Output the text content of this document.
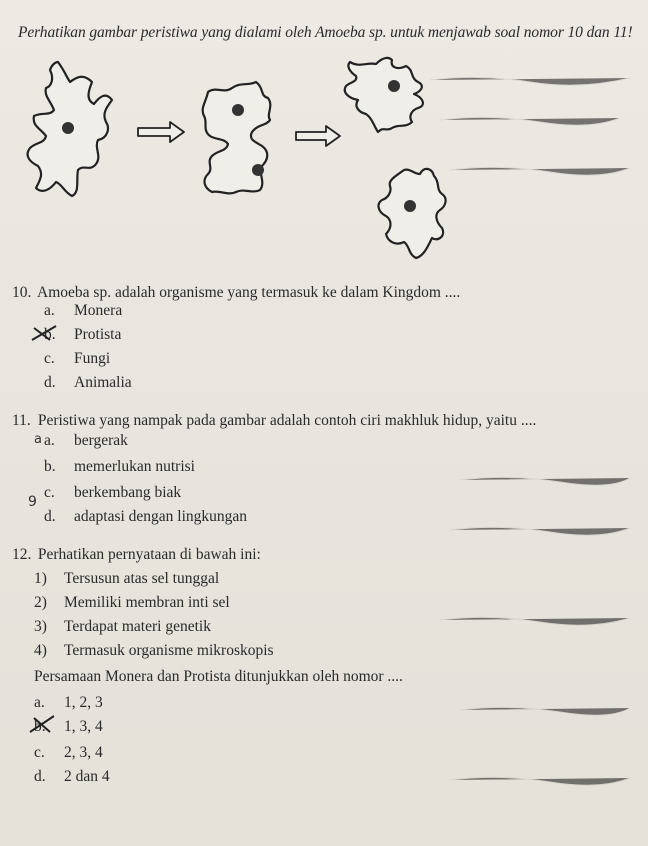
Perhatikan gambar peristiwa yang dialami oleh Amoeba sp. untuk menjawab soal nomor 10 dan 11!
10. Amoeba sp. adalah organisme yang termasuk ke dalam Kingdom ....
a. Monera
b. Protista
c. Fungi
d. Animalia
11. Peristiwa yang nampak pada gambar adalah contoh ciri makhluk hidup, yaitu ....
a a. bergerak
b. memerlukan nutrisi
c. berkembang biak
9
d. adaptasi dengan lingkungan
12. Perhatikan pernyataan di bawah ini:
1) Tersusun atas sel tunggal
2) Memiliki membran inti sel
3) Terdapat materi genetik
4) Termasuk organisme mikroskopis
Persamaan Monera dan Protista ditunjukkan oleh nomor ....
a. 1, 2, 3
b. 1, 3, 4
c. 2, 3, 4
d. 2 dan 4
